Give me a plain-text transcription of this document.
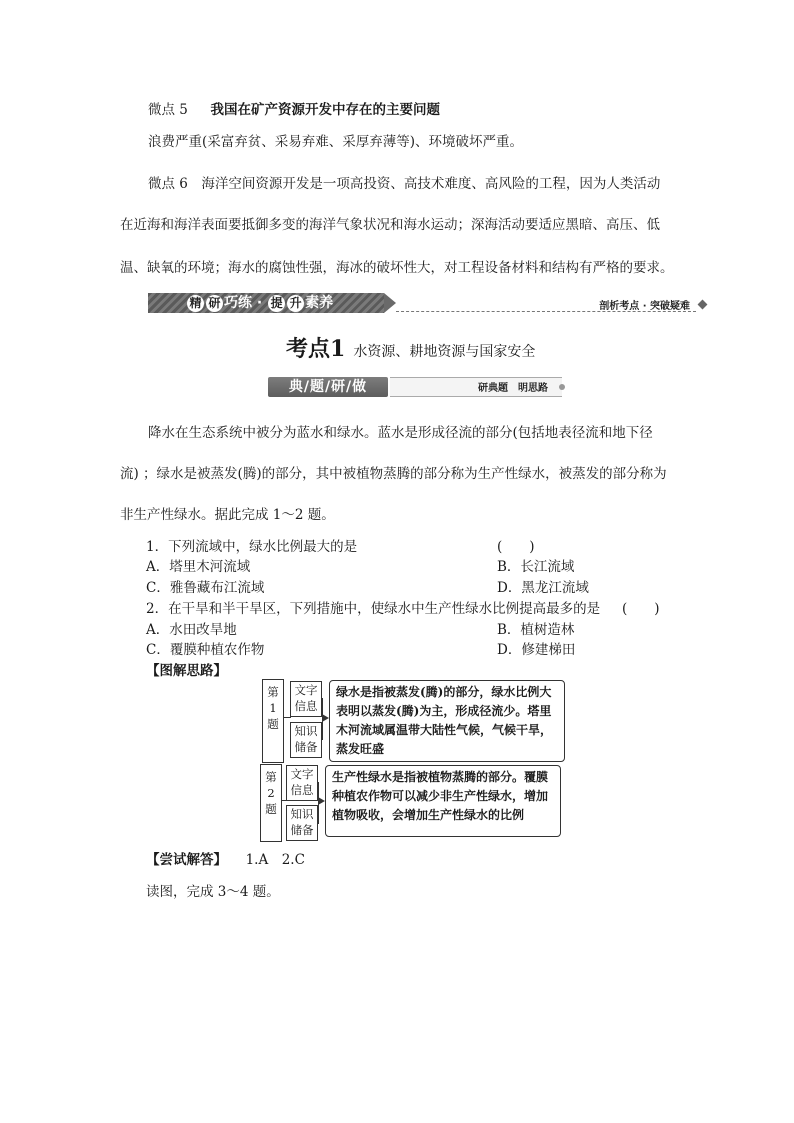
微点 5 我国在矿产资源开发中存在的主要问题
浪费严重(采富弃贫、采易弃难、采厚弃薄等)、环境破坏严重。
微点 6　海洋空间资源开发是一项高投资、高技术难度、高风险的工程，因为人类活动
在近海和海洋表面要抵御多变的海洋气象状况和海水运动；深海活动要适应黑暗、高压、低
温、缺氧的环境；海水的腐蚀性强，海冰的破坏性大，对工程设备材料和结构有严格的要求。
精 研 巧练 · 提 升 素养	剖析考点 · 突破疑难
考点1 水资源、耕地资源与国家安全
典/题/研/做	研典题　明思路
降水在生态系统中被分为蓝水和绿水。蓝水是形成径流的部分(包括地表径流和地下径
流) ；绿水是被蒸发(腾)的部分，其中被植物蒸腾的部分称为生产性绿水，被蒸发的部分称为
非生产性绿水。据此完成 1～2 题。
1．下列流域中，绿水比例最大的是	(　　)
A．塔里木河流域	B．长江流域
C．雅鲁藏布江流域	D．黑龙江流域
2．在干旱和半干旱区，下列措施中，使绿水中生产性绿水比例提高最多的是 (　　)
A．水田改旱地	B．植树造林
C．覆膜种植农作物	D．修建梯田
【图解思路】
第
1
题
文字
信息
知识
储备
绿水是指被蒸发(腾)的部分，绿水比例大表明以蒸发(腾)为主，形成径流少。塔里木河流域属温带大陆性气候，气候干旱，蒸发旺盛
第
2
题
文字
信息
知识
储备
生产性绿水是指被植物蒸腾的部分。覆膜种植农作物可以减少非生产性绿水，增加植物吸收，会增加生产性绿水的比例
【尝试解答】 1.A　2.C
读图，完成 3～4 题。
